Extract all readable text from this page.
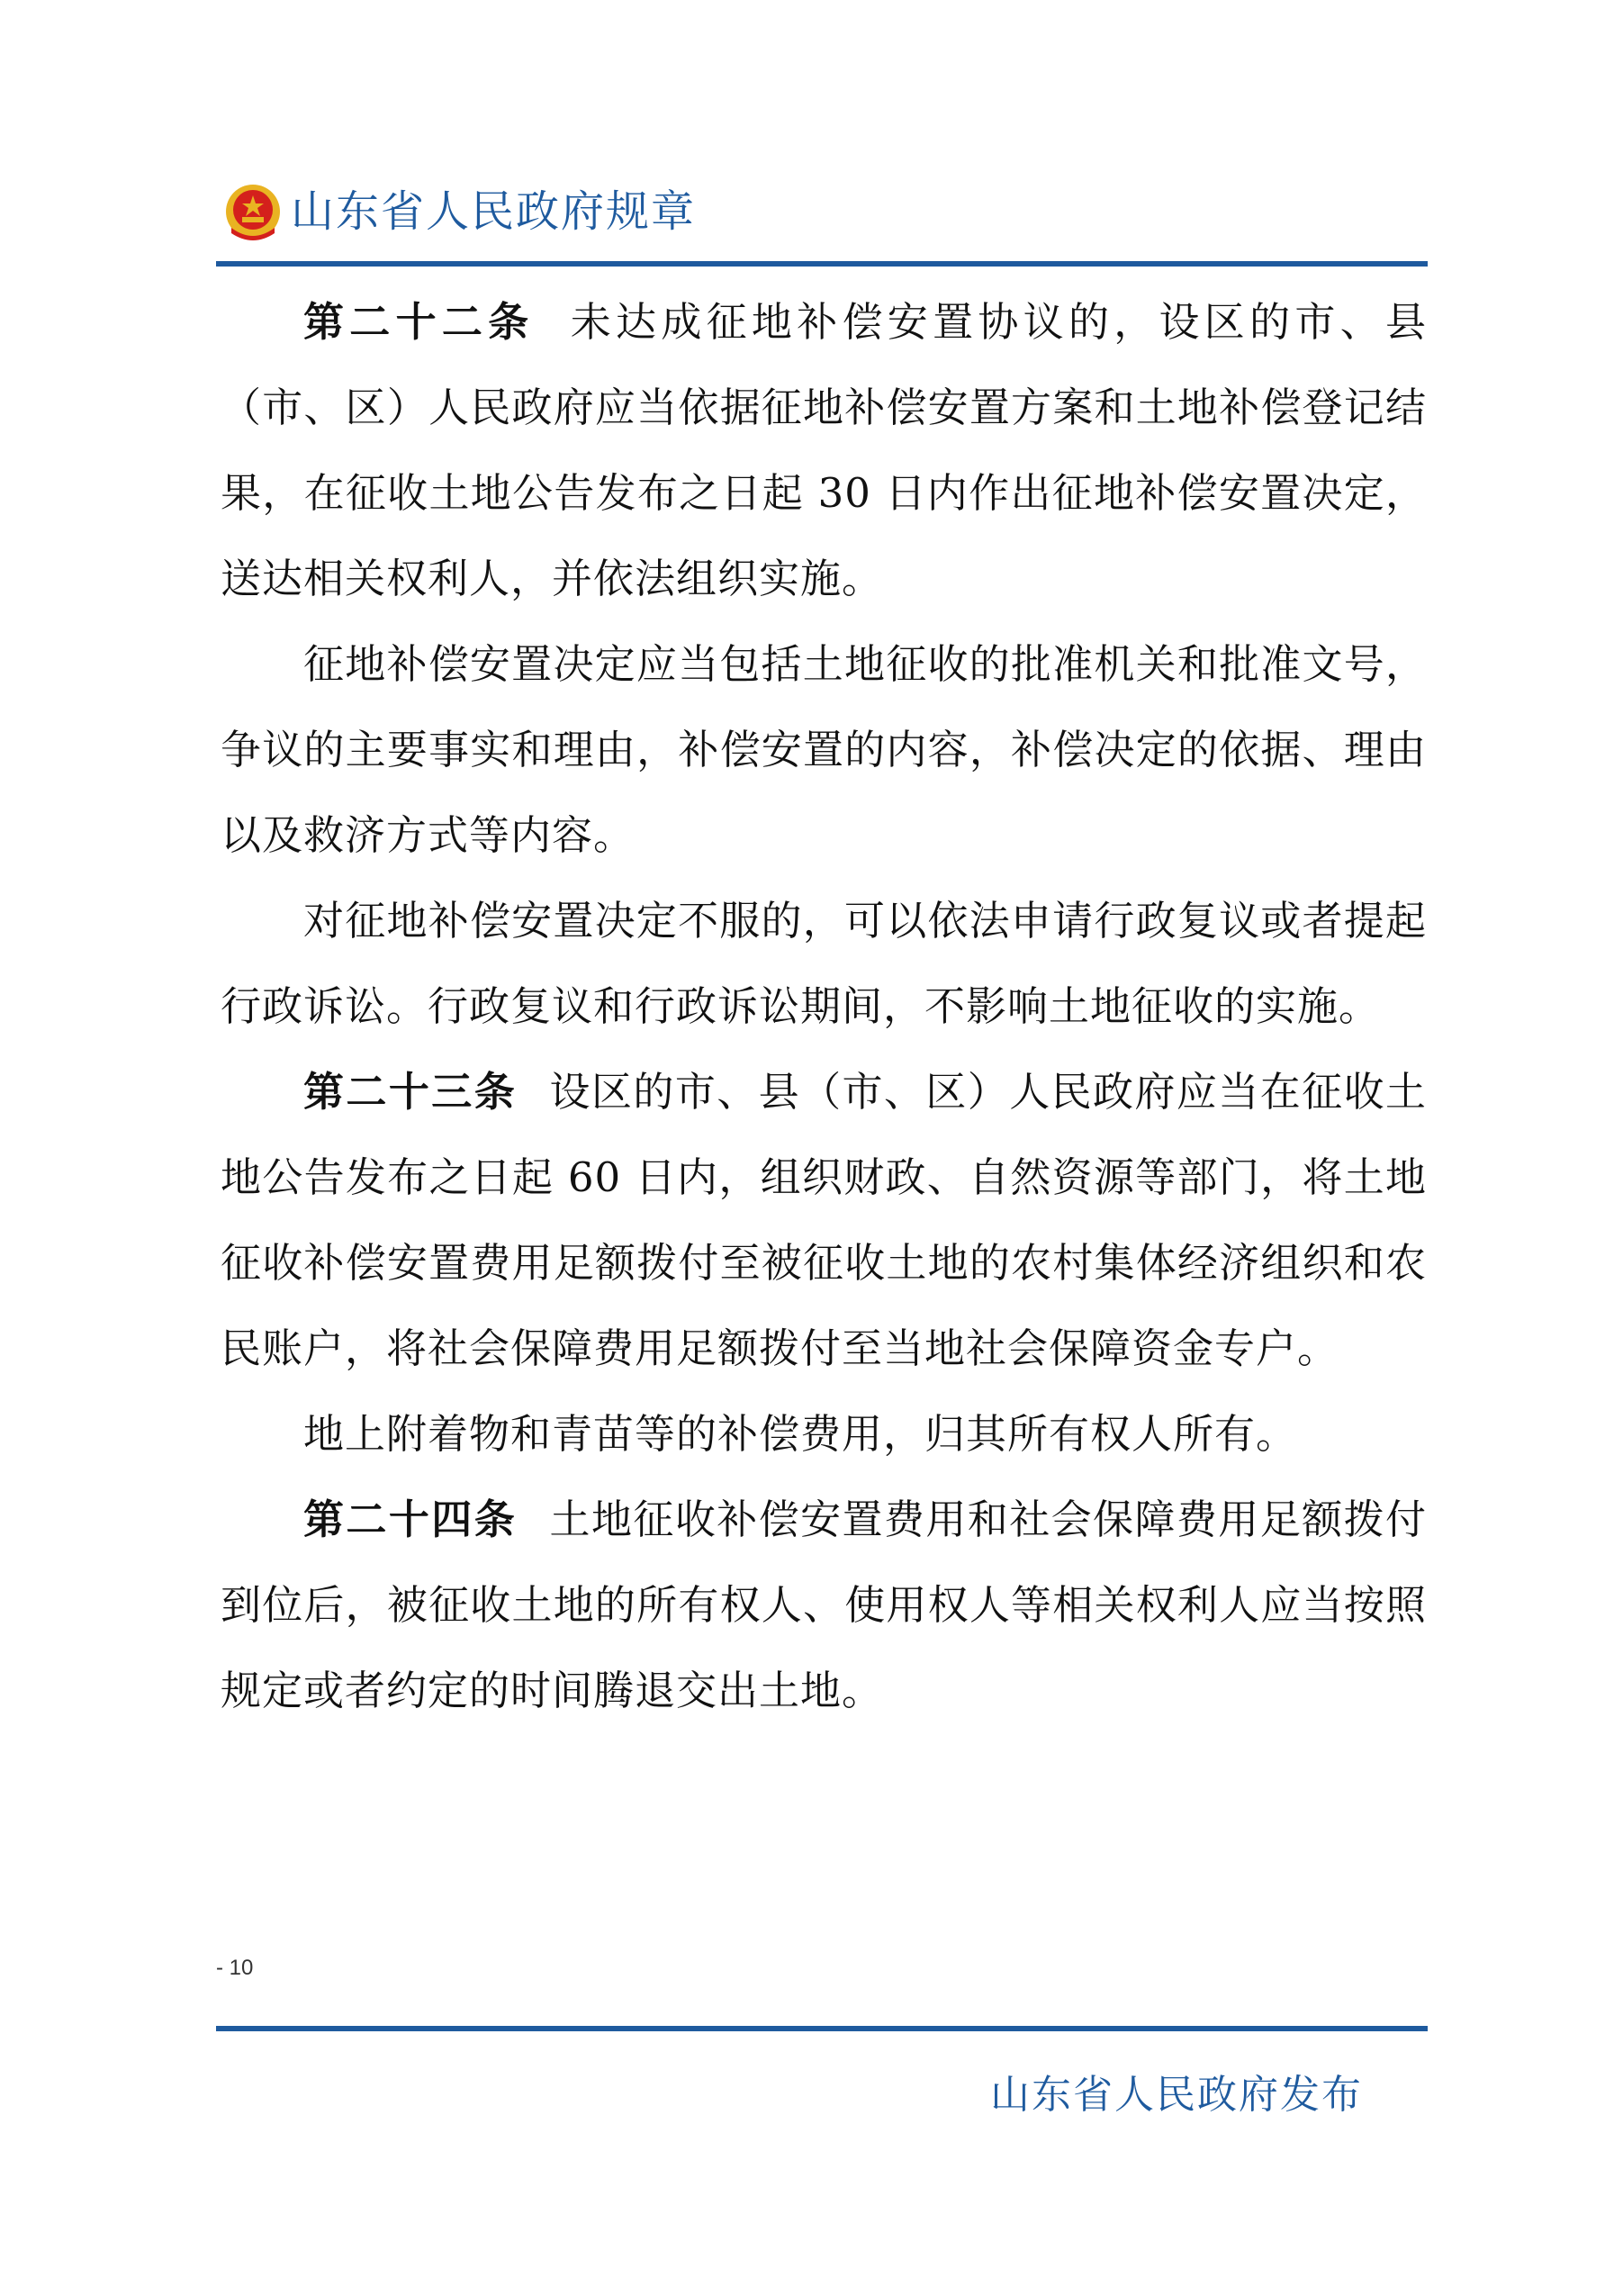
山东省人民政府规章

第二十二条 未达成征地补偿安置协议的，设区的市、县（市、区）人民政府应当依据征地补偿安置方案和土地补偿登记结果，在征收土地公告发布之日起 30 日内作出征地补偿安置决定，送达相关权利人，并依法组织实施。

征地补偿安置决定应当包括土地征收的批准机关和批准文号，争议的主要事实和理由，补偿安置的内容，补偿决定的依据、理由以及救济方式等内容。

对征地补偿安置决定不服的，可以依法申请行政复议或者提起行政诉讼。行政复议和行政诉讼期间，不影响土地征收的实施。

第二十三条 设区的市、县（市、区）人民政府应当在征收土地公告发布之日起 60 日内，组织财政、自然资源等部门，将土地征收补偿安置费用足额拨付至被征收土地的农村集体经济组织和农民账户，将社会保障费用足额拨付至当地社会保障资金专户。

地上附着物和青苗等的补偿费用，归其所有权人所有。

第二十四条 土地征收补偿安置费用和社会保障费用足额拨付到位后，被征收土地的所有权人、使用权人等相关权利人应当按照规定或者约定的时间腾退交出土地。

- 10
山东省人民政府发布
